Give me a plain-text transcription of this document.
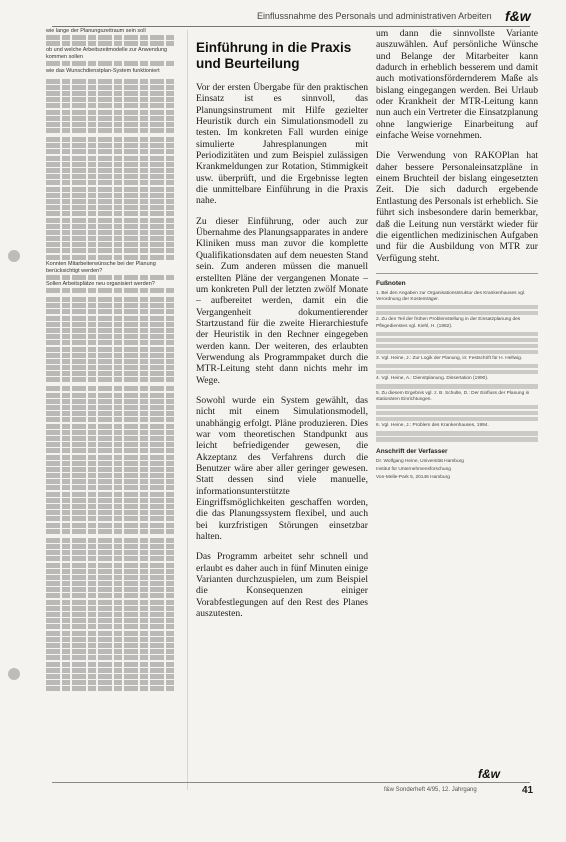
Einflussnahme des Personals und administrativen Arbeiten f&w
wie lange der Planungszeitraum sein soll
ob und welche Arbeitszeitmodelle zur Anwendung kommen sollen
wie das Wunschdienstplan-System funktioniert
Konnten Mitarbeiterwünsche bei der Planung berücksichtigt werden?
Sollen Arbeitsplätze neu organisiert werden?
Einführung in die Praxis und Beurteilung

Vor der ersten Übergabe für den praktischen Einsatz ist es sinnvoll, das Planungsinstrument mit Hilfe gezielter Heuristik durch ein Simulationsmodell zu testen. Im konkreten Fall wurden einige simulierte Jahresplanungen mit Periodizitäten und zum Beispiel zulässigen Krankmeldungen zur Rotation, Stimmigkeit usw. überprüft, und die Ergebnisse legten die unmittelbare Einführung in die Praxis nahe.

Zu dieser Einführung, oder auch zur Übernahme des Planungsapparates in andere Kliniken muss man zuvor die komplette Qualifikationsdaten auf dem neuesten Stand sein. Zum anderen müssen die manuell erstellten Pläne der vergangenen Monate – um konkreten Pull der letzten zwölf Monate – aufbereitet werden, damit ein die Vergangenheit dokumentierender Startzustand für die zweite Hierarchiestufe der Heuristik in den Rechner eingegeben werden kann. Der weiteren, des erlaubten Verwendung als Programmpaket durch die MTR-Leitung steht dann nichts mehr im Wege.

Sowohl wurde ein System gewählt, das nicht mit einem Simulationsmodell, unabhängig erfolgt. Pläne produzieren. Dies war vom theoretischen Standpunkt aus leicht befriedigender gewesen, die Akzeptanz des Verfahrens durch die Benutzer wäre aber aller geringer gewesen. Statt dessen sind viele manuelle, informationsunterstützte Eingriffsmöglichkeiten geschaffen worden, die das Planungssystem flexibel, und auch bei kurzfristigen Störungen einsetzbar halten.

Das Programm arbeitet sehr schnell und erlaubt es daher auch in fünf Minuten einige Varianten durchzuspielen, um zum Beispiel die Konsequenzen einiger Vorabfestlegungen auf den Rest des Planes auszutesten.

um dann die sinnvollste Variante auszuwählen. Auf persönliche Wünsche und Belange der Mitarbeiter kann dadurch in erheblich besserem und damit auch motivationsfördernderem Maße als bislang eingegangen werden. Bei Urlaub oder Krankheit der MTR-Leitung kann nun auch ein Vertreter die Einsatzplanung ohne langwierige Einarbeitung auf einfache Weise vornehmen.

Die Verwendung von RAKOPlan hat daher bessere Personaleinsatzpläne in einem Bruchteil der bislang eingesetzten Zeit. Die sich dadurch ergebende Entlastung des Personals ist erheblich. Sie führt sich insbesondere darin bemerkbar, daß die Leitung nun verstärkt wieder für die eigentlichen medizinischen Aufgaben und für die Ausbildung von MTR zur Verfügung steht.

Fußnoten
1. Bei den Angaben zur Organisationsstruktur des Krankenhauses vgl. Verordnung der Kostenträger.
2. Zu den Teil der frühen Problemstellung in der Einsatzplanung des Pflegedienstes vgl. Kiehl, H. (1982).
3. Vgl. Heine, J.: Zur Logik der Planung, in: Festschrift für H. Hellwig.
4. Vgl. Heine, A.: Dienstplanung. Dissertation (1990).
5. Zu diesem Ergebnis vgl. z. B. Schulte, D.: Der Einfluss der Planung in stationären Einrichtungen.
6. Vgl. Heine, J.: Problem des Krankenhauses, 1994.
Anschrift der Verfasser
Dr. Wolfgang Heine, Universität Hamburg
Institut für Unternehmensforschung
Von-Melle-Park 5, 20146 Hamburg
f&w Sonderheft 4/95, 12. Jahrgang	41
f&w
